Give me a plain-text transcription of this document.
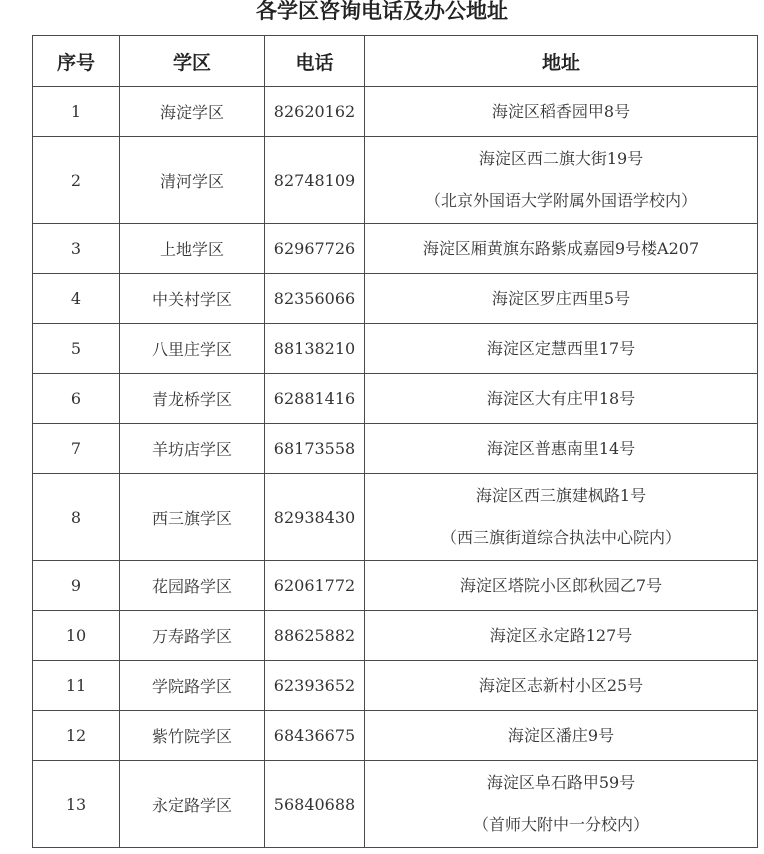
各学区咨询电话及办公地址
序号	学区	电话	地址
1	海淀学区	82620162	海淀区稻香园甲8号

2	清河学区	82748109	海淀区西二旗大街19号
（北京外国语大学附属外国语学校内）

3	上地学区	62967726	海淀区厢黄旗东路紫成嘉园9号楼A207

4	中关村学区	82356066	海淀区罗庄西里5号

5	八里庄学区	88138210	海淀区定慧西里17号

6	青龙桥学区	62881416	海淀区大有庄甲18号

7	羊坊店学区	68173558	海淀区普惠南里14号

8	西三旗学区	82938430	海淀区西三旗建枫路1号
（西三旗街道综合执法中心院内）

9	花园路学区	62061772	海淀区塔院小区郎秋园乙7号

10	万寿路学区	88625882	海淀区永定路127号

11	学院路学区	62393652	海淀区志新村小区25号

12	紫竹院学区	68436675	海淀区潘庄9号

13	永定路学区	56840688	海淀区阜石路甲59号
（首师大附中一分校内）
